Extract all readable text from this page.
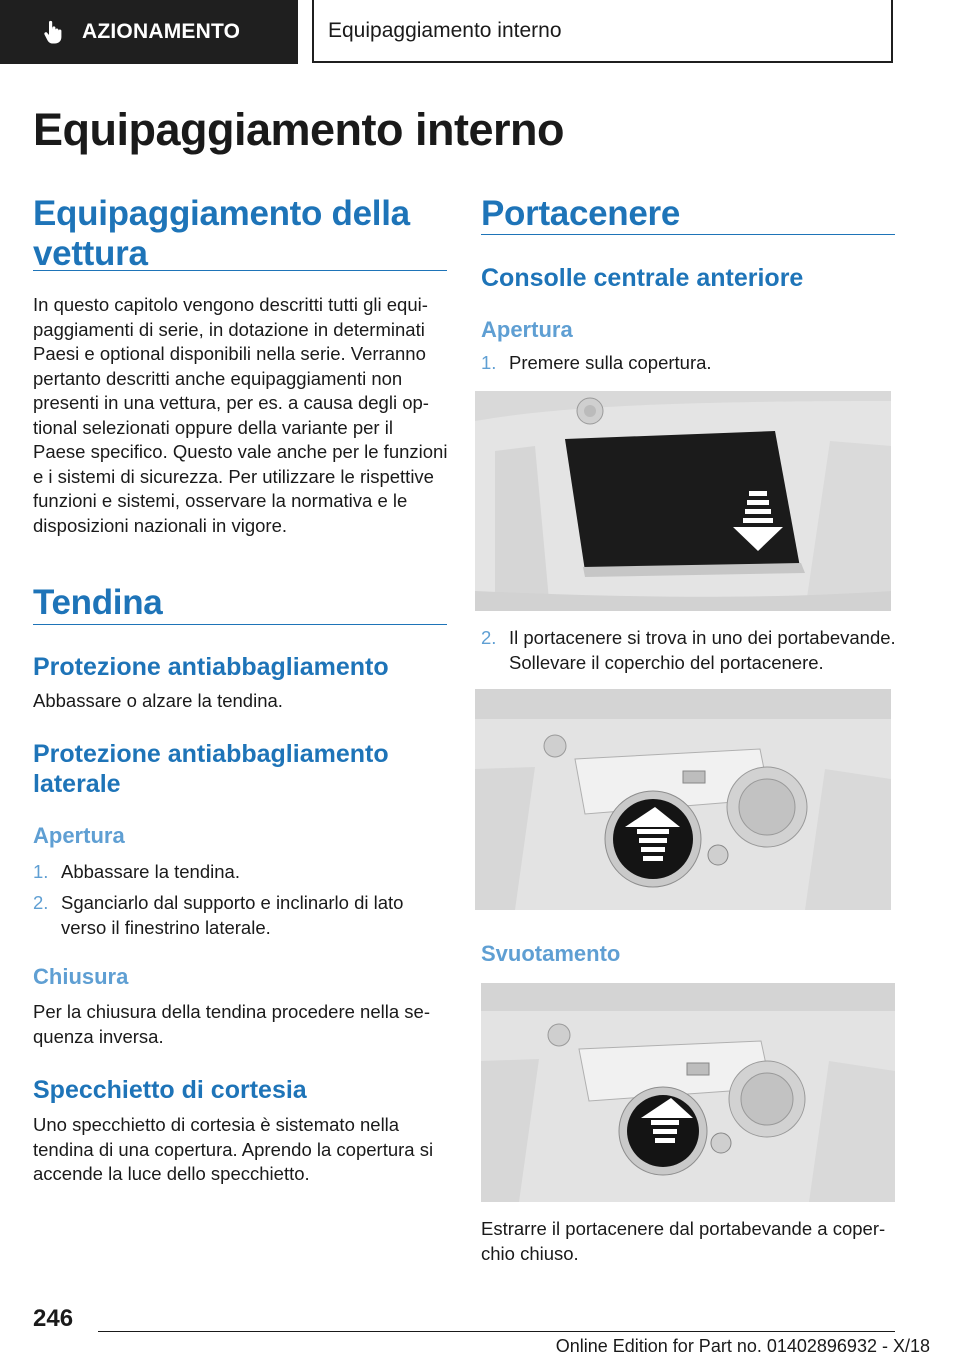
AZIONAMENTO	Equipaggiamento interno
Equipaggiamento interno
Equipaggiamento della vettura

In questo capitolo vengono descritti tutti gli equipaggiamenti di serie, in dotazione in determinati Paesi e optional disponibili nella serie. Verranno pertanto descritti anche equipaggiamenti non presenti in una vettura, per es. a causa degli optional selezionati oppure della variante per il Paese specifico. Questo vale anche per le funzioni e i sistemi di sicurezza. Per utilizzare le rispettive funzioni e sistemi, osservare la normativa e le disposizioni nazionali in vigore.

Tendina
Protezione antiabbagliamento

Abbassare o alzare la tendina.

Protezione antiabbagliamento laterale
Apertura
1. Abbassare la tendina.
2. Sganciarlo dal supporto e inclinarlo di lato verso il finestrino laterale.
Chiusura

Per la chiusura della tendina procedere nella sequenza inversa.

Specchietto di cortesia

Uno specchietto di cortesia è sistemato nella tendina di una copertura. Aprendo la copertura si accende la luce dello specchietto.

Portacenere
Consolle centrale anteriore
Apertura
1. Premere sulla copertura.
2. Il portacenere si trova in uno dei portabevande. Sollevare il coperchio del portacenere.
Svuotamento

Estrarre il portacenere dal portabevande a coperchio chiuso.

246
Online Edition for Part no. 01402896932 - X/18
